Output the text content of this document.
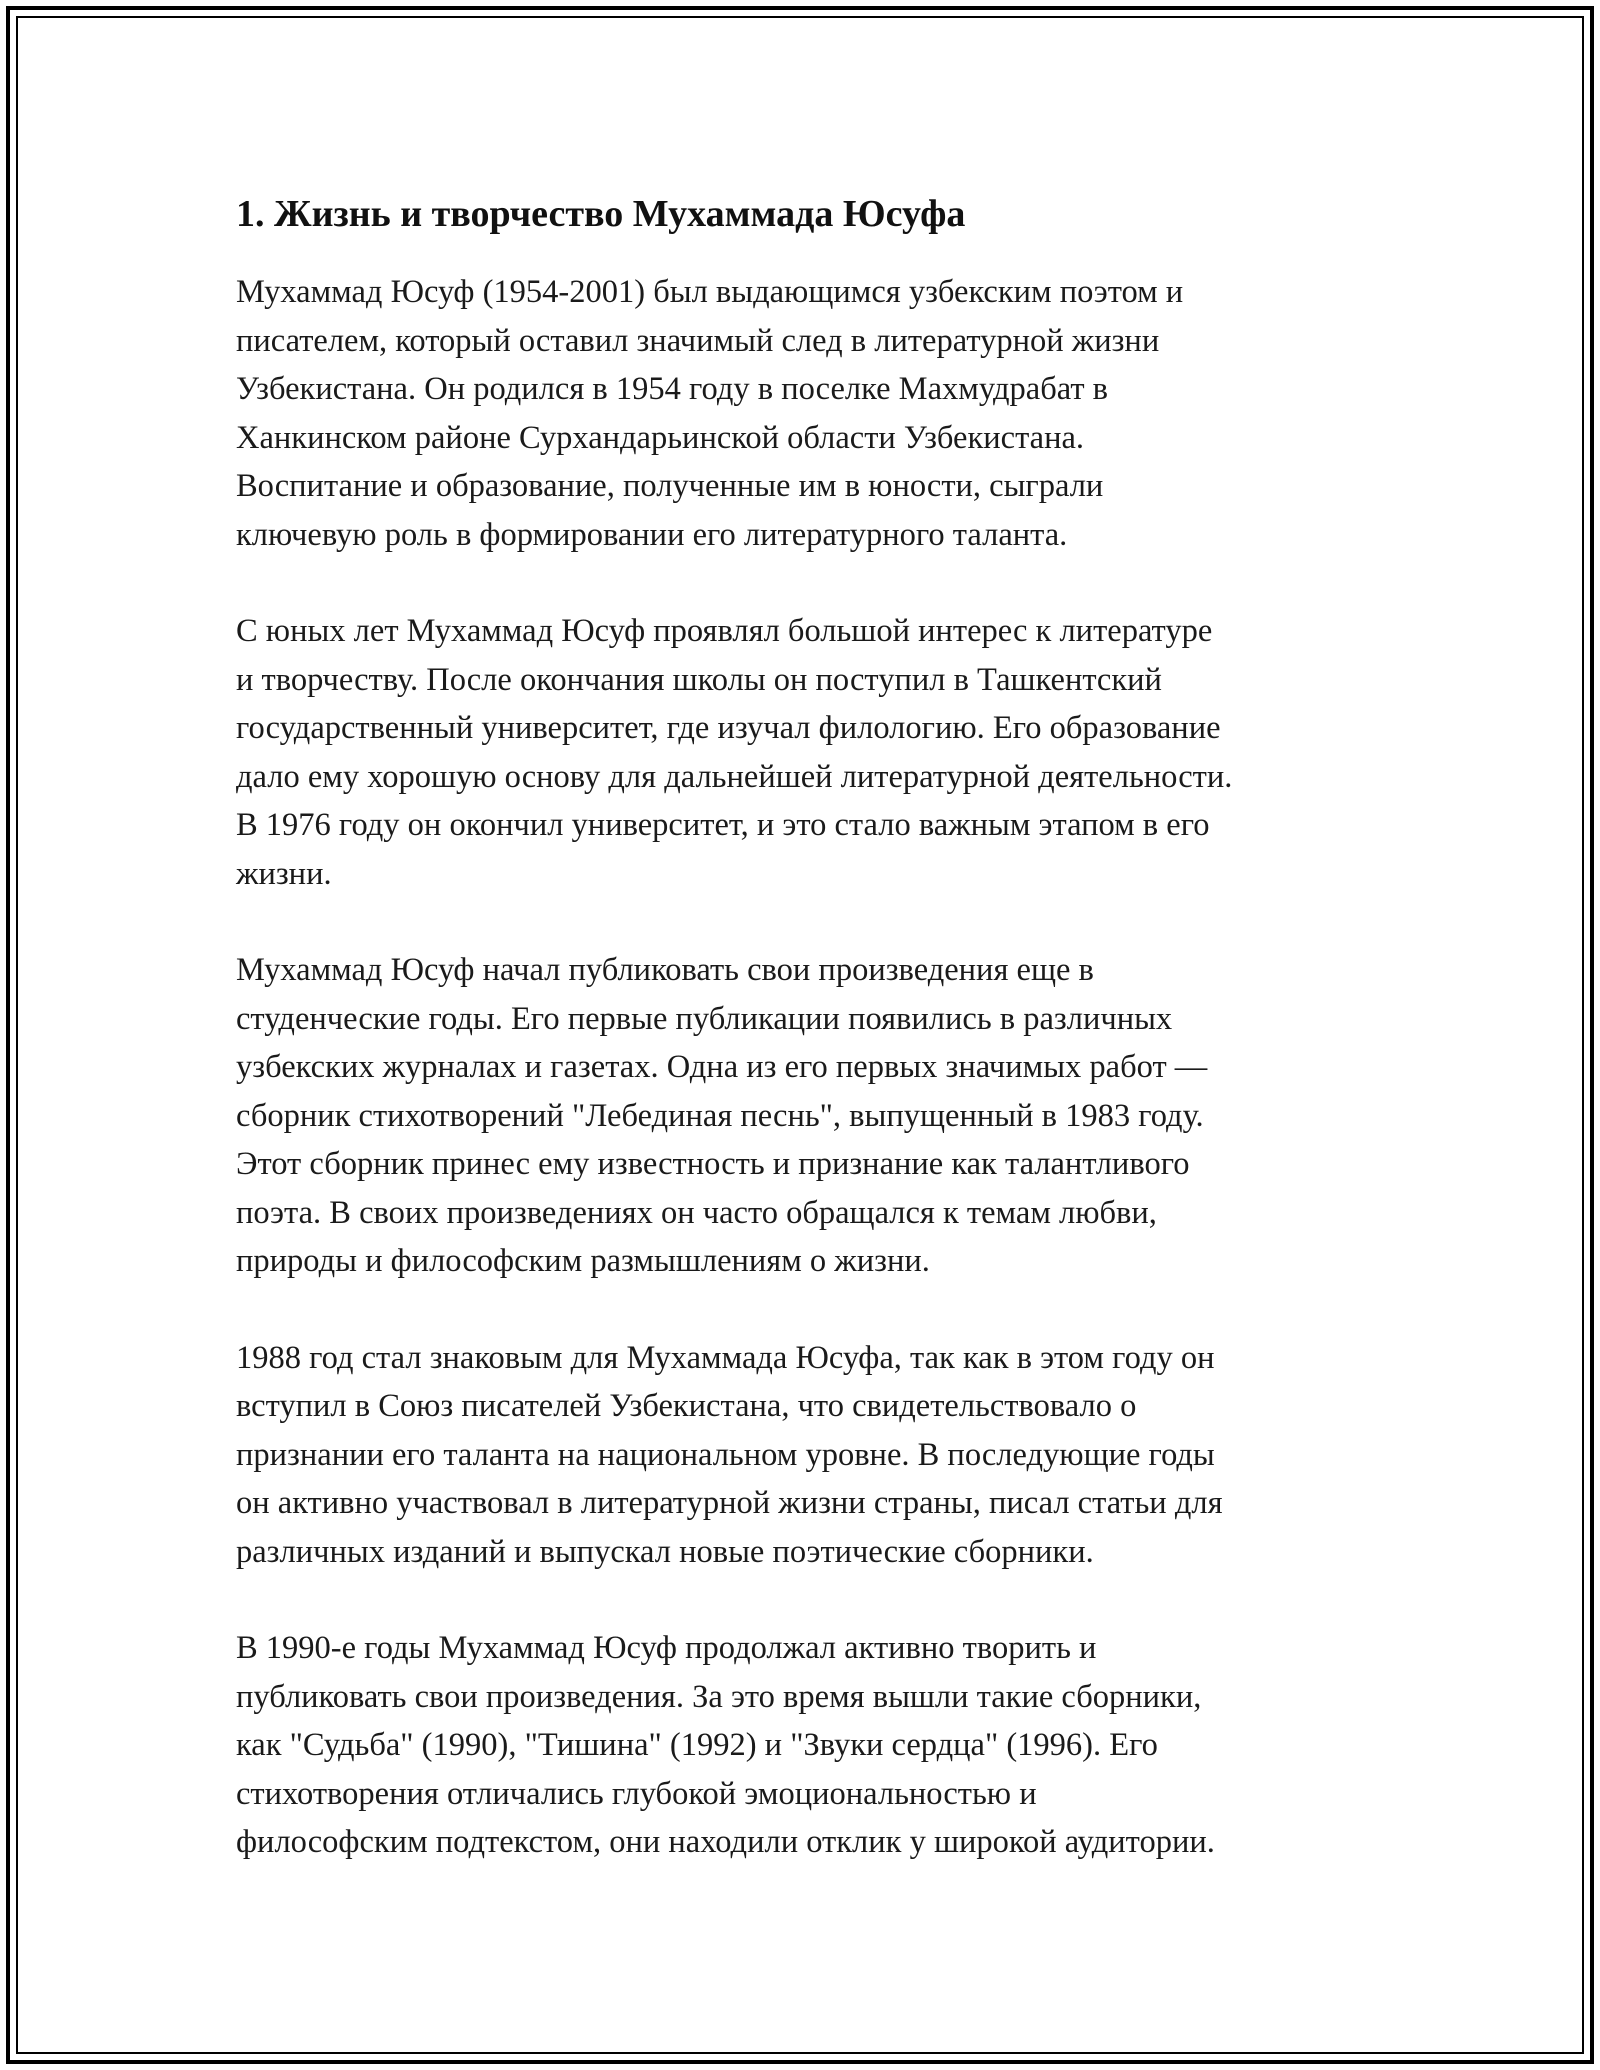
1. Жизнь и творчество Мухаммада Юсуфа

Мухаммад Юсуф (1954-2001) был выдающимся узбекским поэтом и
писателем, который оставил значимый след в литературной жизни
Узбекистана. Он родился в 1954 году в поселке Махмудрабат в
Ханкинском районе Сурхандарьинской области Узбекистана.
Воспитание и образование, полученные им в юности, сыграли
ключевую роль в формировании его литературного таланта.

С юных лет Мухаммад Юсуф проявлял большой интерес к литературе
и творчеству. После окончания школы он поступил в Ташкентский
государственный университет, где изучал филологию. Его образование
дало ему хорошую основу для дальнейшей литературной деятельности.
В 1976 году он окончил университет, и это стало важным этапом в его
жизни.

Мухаммад Юсуф начал публиковать свои произведения еще в
студенческие годы. Его первые публикации появились в различных
узбекских журналах и газетах. Одна из его первых значимых работ —
сборник стихотворений "Лебединая песнь", выпущенный в 1983 году.
Этот сборник принес ему известность и признание как талантливого
поэта. В своих произведениях он часто обращался к темам любви,
природы и философским размышлениям о жизни.

1988 год стал знаковым для Мухаммада Юсуфа, так как в этом году он
вступил в Союз писателей Узбекистана, что свидетельствовало о
признании его таланта на национальном уровне. В последующие годы
он активно участвовал в литературной жизни страны, писал статьи для
различных изданий и выпускал новые поэтические сборники.

В 1990-е годы Мухаммад Юсуф продолжал активно творить и
публиковать свои произведения. За это время вышли такие сборники,
как "Судьба" (1990), "Тишина" (1992) и "Звуки сердца" (1996). Его
стихотворения отличались глубокой эмоциональностью и
философским подтекстом, они находили отклик у широкой аудитории.
